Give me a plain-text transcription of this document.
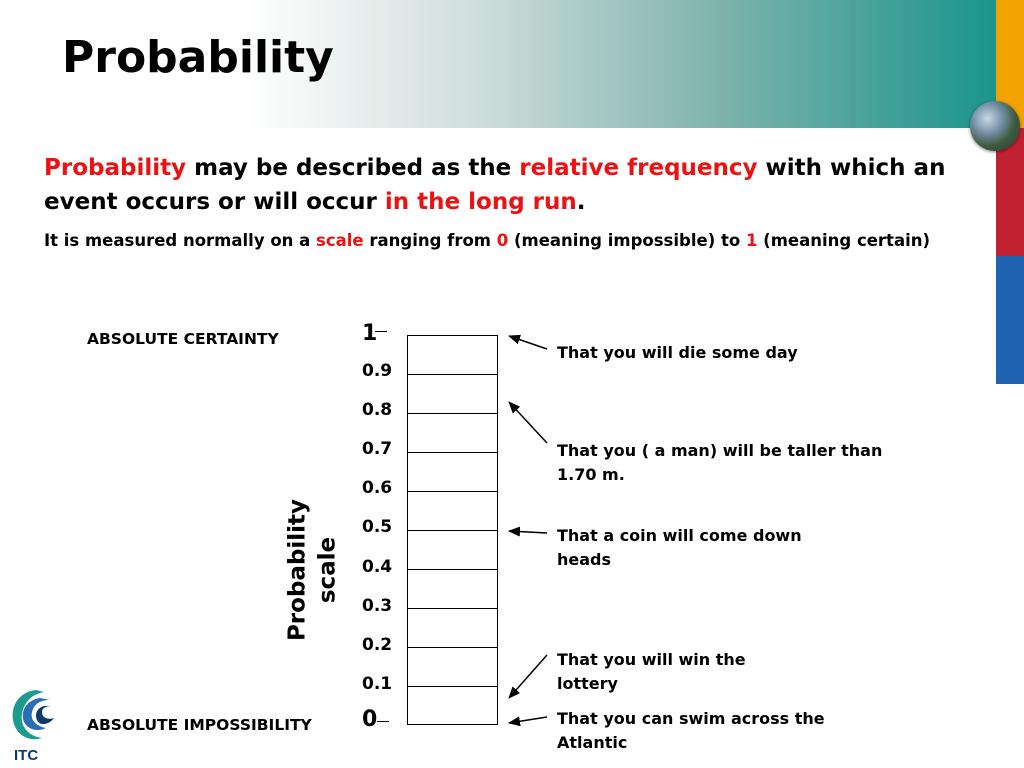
Probability

Probability may be described as the relative frequency with which an event occurs or will occur in the long run.

It is measured normally on a scale ranging from 0 (meaning impossible) to 1 (meaning certain)

ABSOLUTE CERTAINTY
ABSOLUTE IMPOSSIBILITY
Probability scale
1
0.9
0.8
0.7
0.6
0.5
0.4
0.3
0.2
0.1
0
That you will die some day
That you ( a man) will be taller than 1.70 m.
That a coin will come down heads
That you will win the lottery
That you can swim across the Atlantic
ITC
